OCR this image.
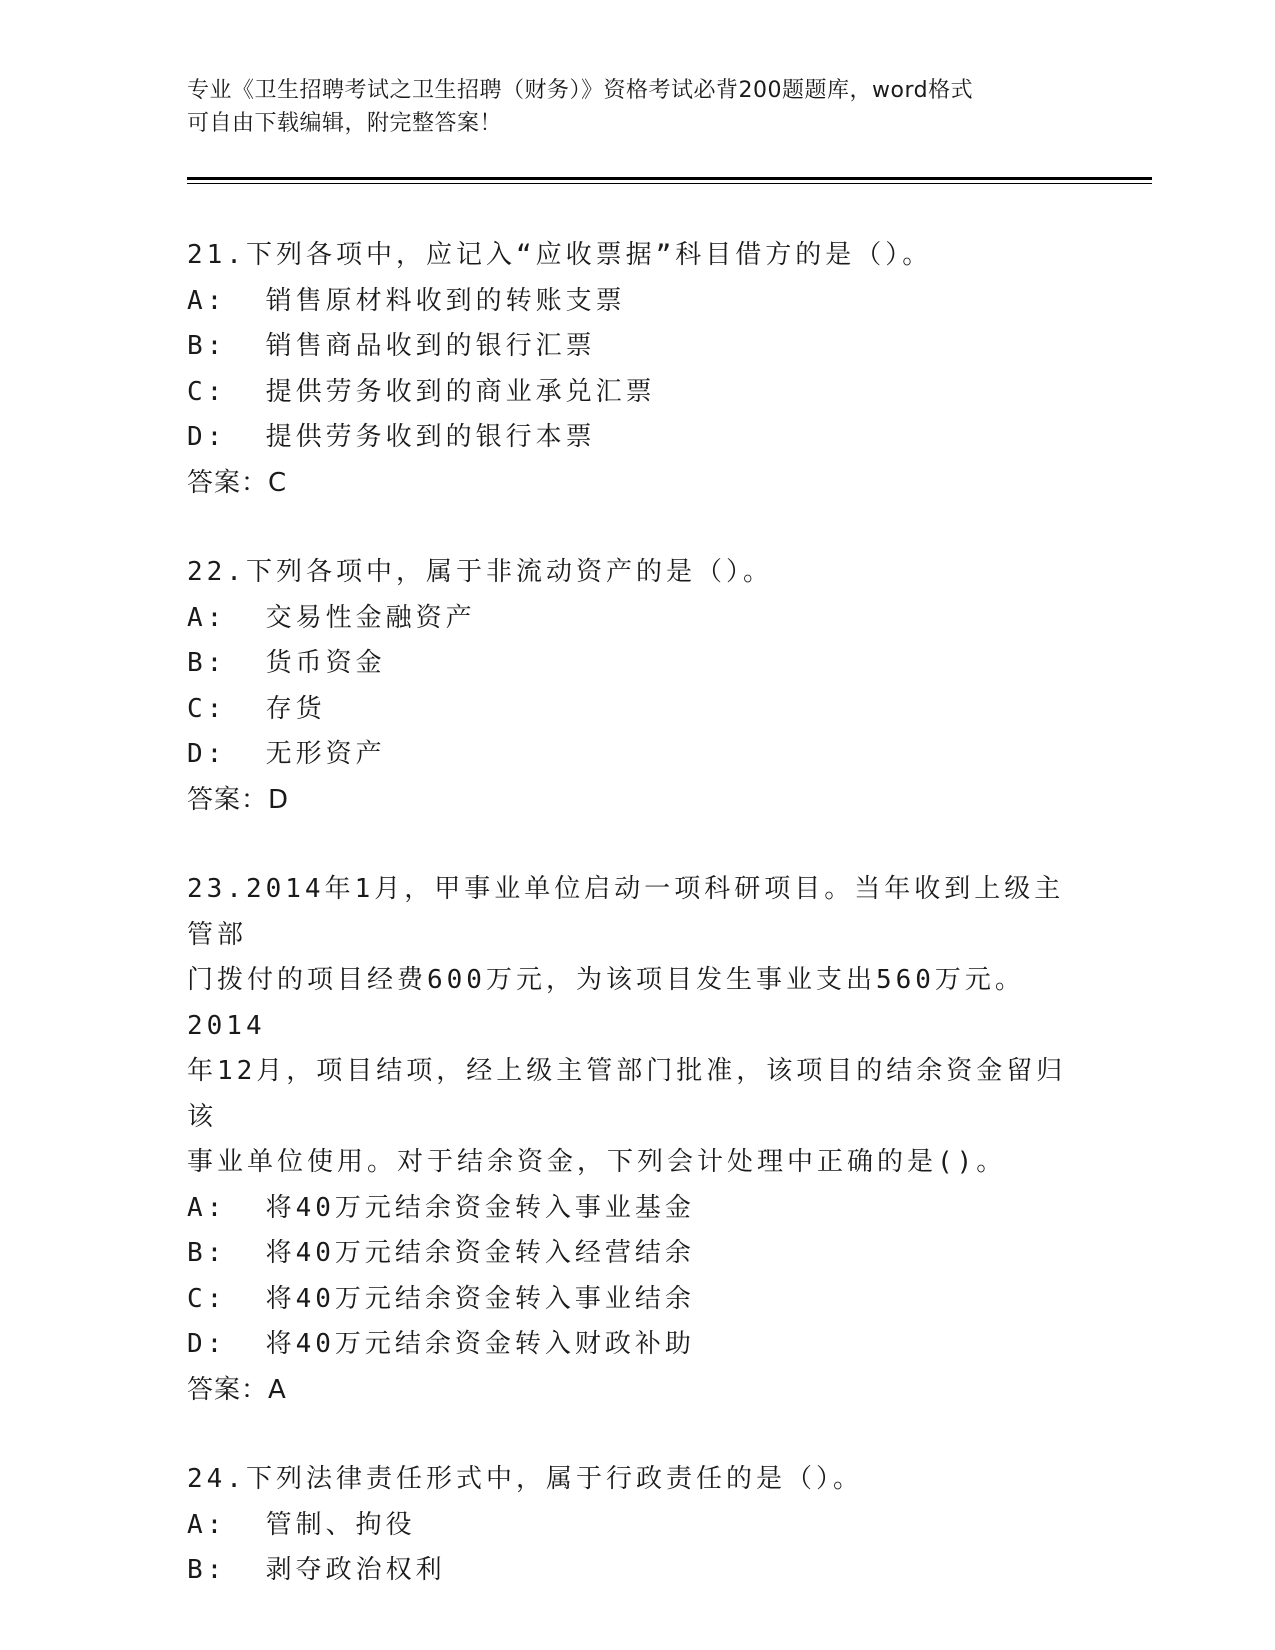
专业《卫生招聘考试之卫生招聘（财务）》资格考试必背200题题库，word格式
可自由下载编辑，附完整答案！

21.下列各项中，应记入“应收票据”科目借方的是（）。

A:  销售原材料收到的转账支票

B:  销售商品收到的银行汇票

C:  提供劳务收到的商业承兑汇票

D:  提供劳务收到的银行本票

答案：C

22.下列各项中，属于非流动资产的是（）。

A:  交易性金融资产

B:  货币资金

C:  存货

D:  无形资产

答案：D

23.2014年1月，甲事业单位启动一项科研项目。当年收到上级主管部

门拨付的项目经费600万元，为该项目发生事业支出560万元。2014

年12月，项目结项，经上级主管部门批准，该项目的结余资金留归该

事业单位使用。对于结余资金，下列会计处理中正确的是()。

A:  将40万元结余资金转入事业基金

B:  将40万元结余资金转入经营结余

C:  将40万元结余资金转入事业结余

D:  将40万元结余资金转入财政补助

答案：A

24.下列法律责任形式中，属于行政责任的是（）。

A:  管制、拘役

B:  剥夺政治权利
